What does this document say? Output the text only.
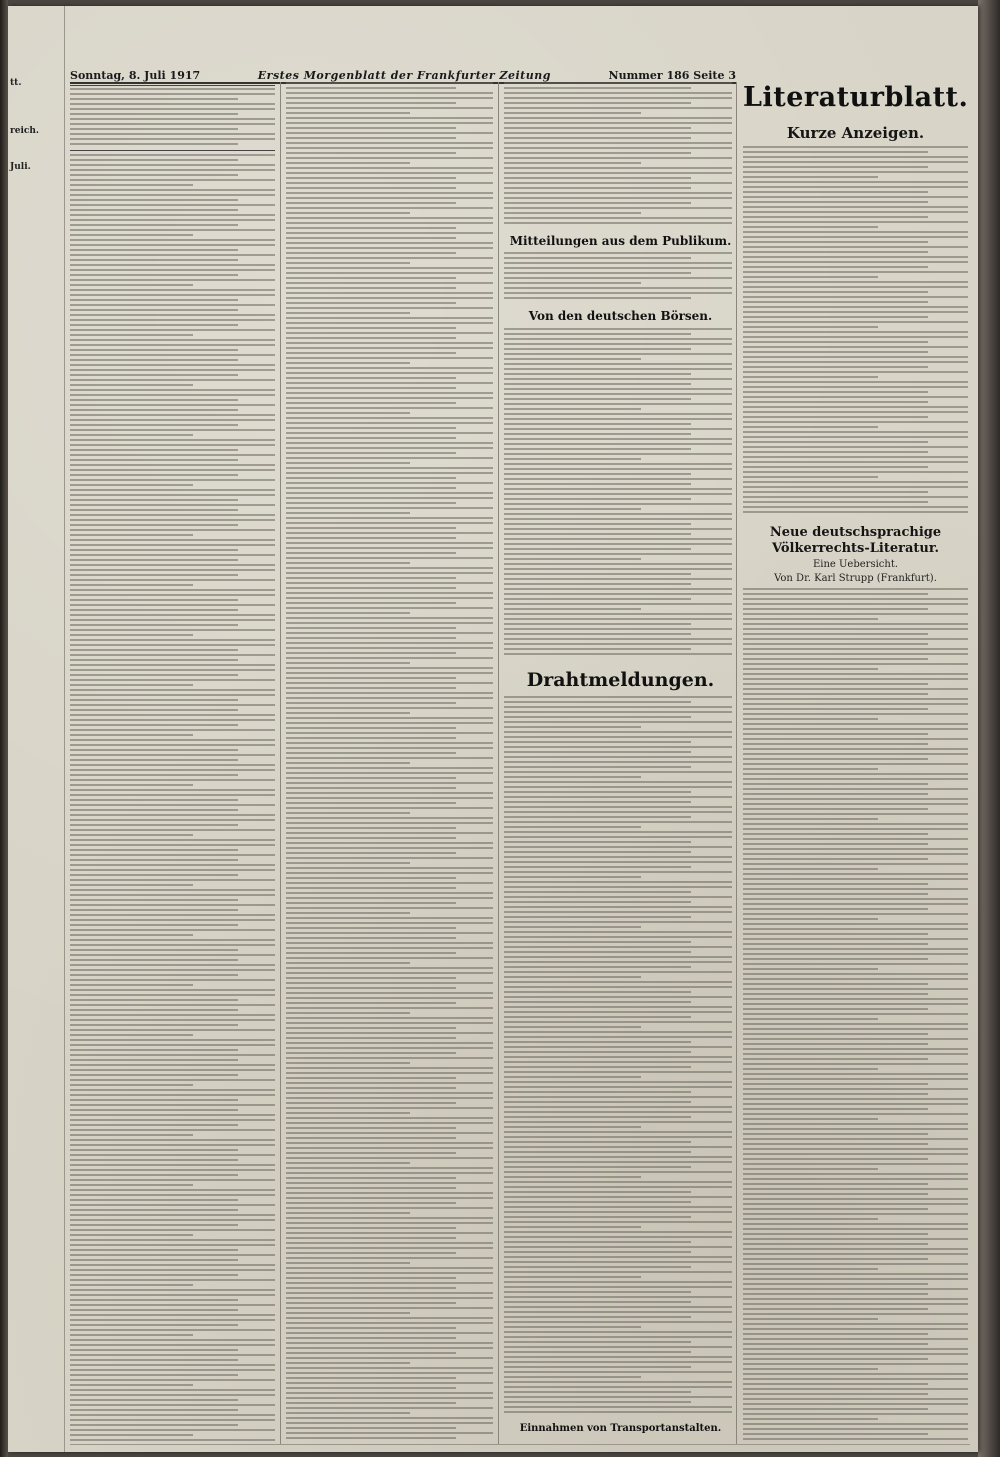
tt.
reich.
Juli.
Sonntag, 8. Juli 1917	Erstes Morgenblatt der Frankfurter Zeitung	Nummer 186 Seite 3
Mitteilungen aus dem Publikum.
Von den deutschen Börsen.
Drahtmeldungen.
Einnahmen von Transportanstalten.
Literaturblatt.
Kurze Anzeigen.
Neue deutschsprachige Völkerrechts-Literatur.
Eine Uebersicht.
Von Dr. Karl Strupp (Frankfurt).
